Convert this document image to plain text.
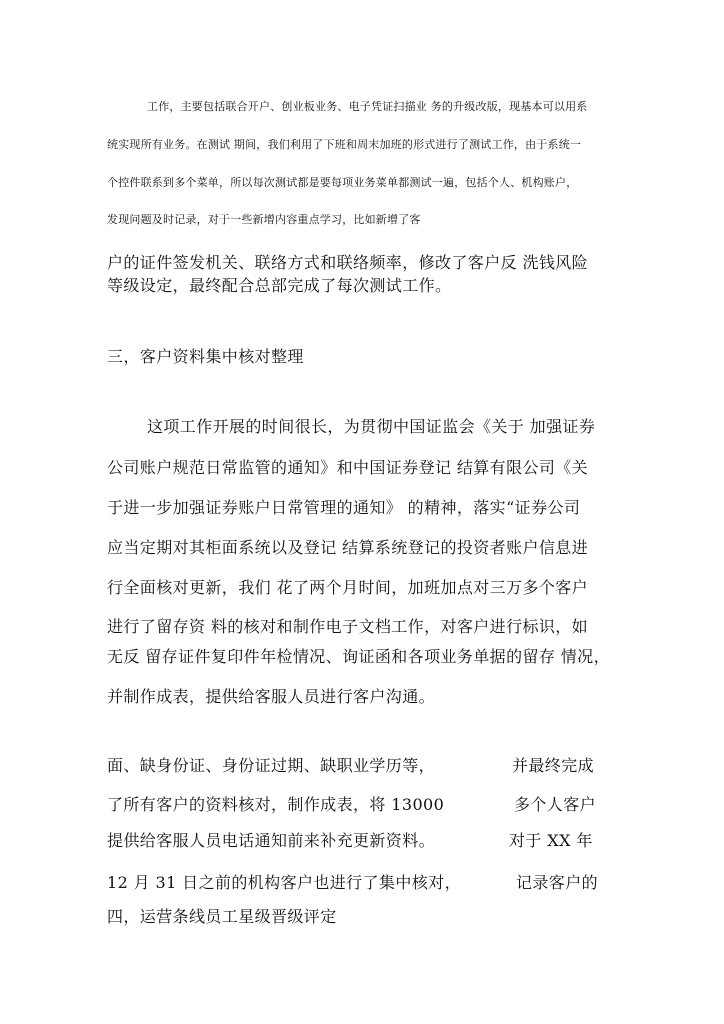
工作，主要包括联合开户、创业板业务、电子凭证扫描业 务的升级改版，现基本可以用系
统实现所有业务。在测试 期间，我们利用了下班和周末加班的形式进行了测试工作，由于系统一
个控件联系到多个菜单，所以每次测试都是要每项业务菜单都测试一遍，包括个人、机构账户，
发现问题及时记录，对于一些新增内容重点学习，比如新增了客
户的证件签发机关、联络方式和联络频率，修改了客户反 洗钱风险
等级设定，最终配合总部完成了每次测试工作。
三，客户资料集中核对整理
这项工作开展的时间很长，为贯彻中国证监会《关于 加强证券
公司账户规范日常监管的通知》和中国证券登记 结算有限公司《关
于进一步加强证券账户日常管理的通知》 的精神，落实“证券公司
应当定期对其柜面系统以及登记 结算系统登记的投资者账户信息进
行全面核对更新，我们 花了两个月时间，加班加点对三万多个客户
进行了留存资 料的核对和制作电子文档工作，对客户进行标识，如
无反 留存证件复印件年检情况、询证函和各项业务单据的留存 情况，
并制作成表，提供给客服人员进行客户沟通。
面、缺身份证、身份证过期、缺职业学历等，	并最终完成
了所有客户的资料核对，制作成表，将 13000	多个人客户
提供给客服人员电话通知前来补充更新资料。	对于 XX 年
12 月 31 日之前的机构客户也进行了集中核对，	记录客户的
四，运营条线员工星级晋级评定
